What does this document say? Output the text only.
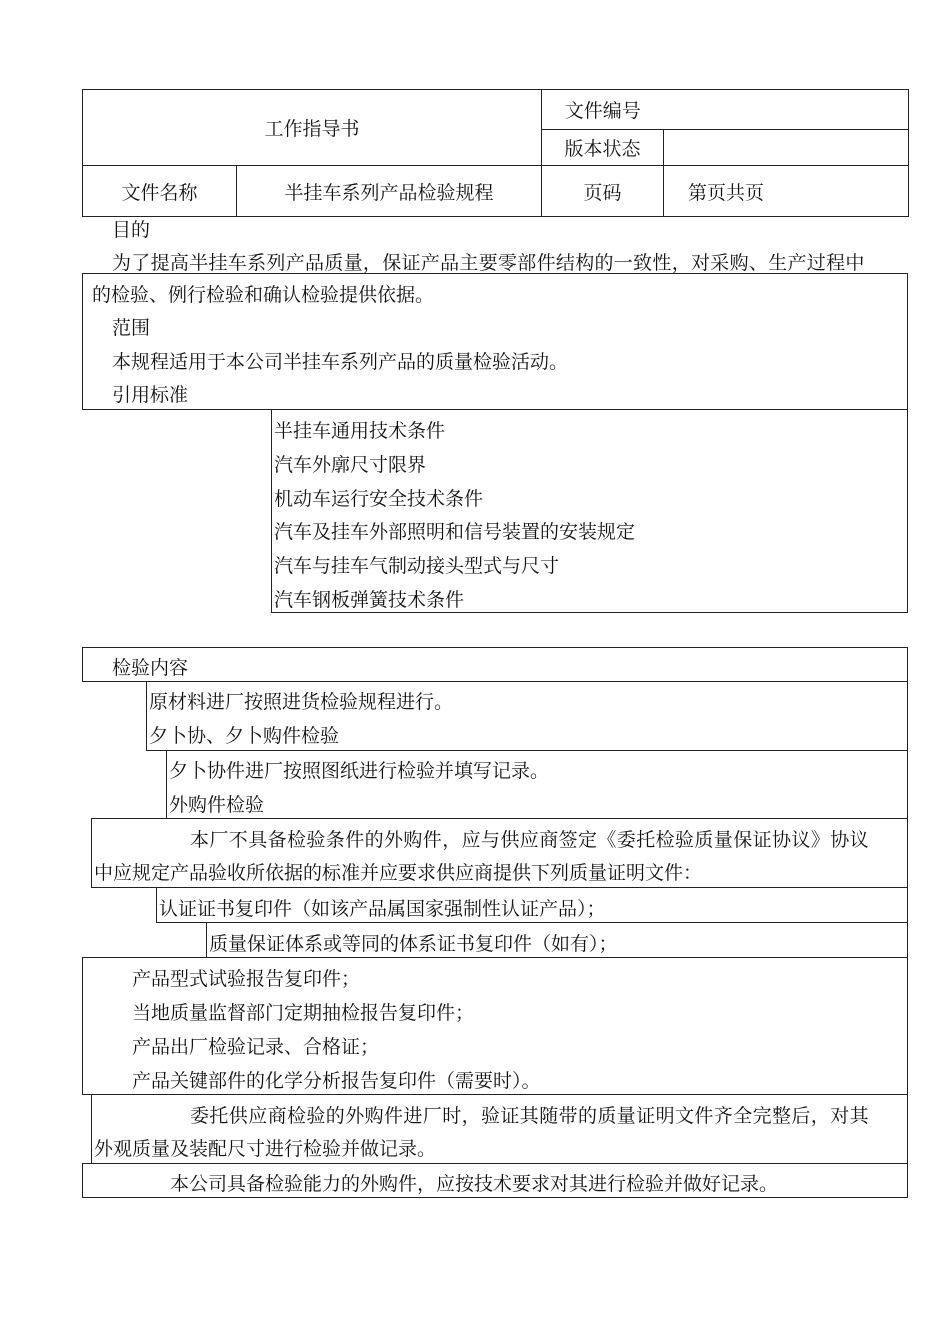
工作指导书		文件编号	
		版本状态	
文件名称	半挂车系列产品检验规程	页码	第页共页
目的
为了提高半挂车系列产品质量，保证产品主要零部件结构的一致性，对采购、生产过程中
的检验、例行检验和确认检验提供依据。
范围
本规程适用于本公司半挂车系列产品的质量检验活动。
引用标准
半挂车通用技术条件
汽车外廓尺寸限界
机动车运行安全技术条件
汽车及挂车外部照明和信号装置的安装规定
汽车与挂车气制动接头型式与尺寸
汽车钢板弹簧技术条件
检验内容
原材料进厂按照进货检验规程进行。
夕卜协、夕卜购件检验
夕卜协件进厂按照图纸进行检验并填写记录。
外购件检验
本厂不具备检验条件的外购件，应与供应商签定《委托检验质量保证协议》协议
中应规定产品验收所依据的标准并应要求供应商提供下列质量证明文件：
认证证书复印件（如该产品属国家强制性认证产品）；
质量保证体系或等同的体系证书复印件（如有）；
产品型式试验报告复印件；
当地质量监督部门定期抽检报告复印件；
产品出厂检验记录、合格证；
产品关键部件的化学分析报告复印件（需要时）。
委托供应商检验的外购件进厂时，验证其随带的质量证明文件齐全完整后，对其
外观质量及装配尺寸进行检验并做记录。
本公司具备检验能力的外购件，应按技术要求对其进行检验并做好记录。
